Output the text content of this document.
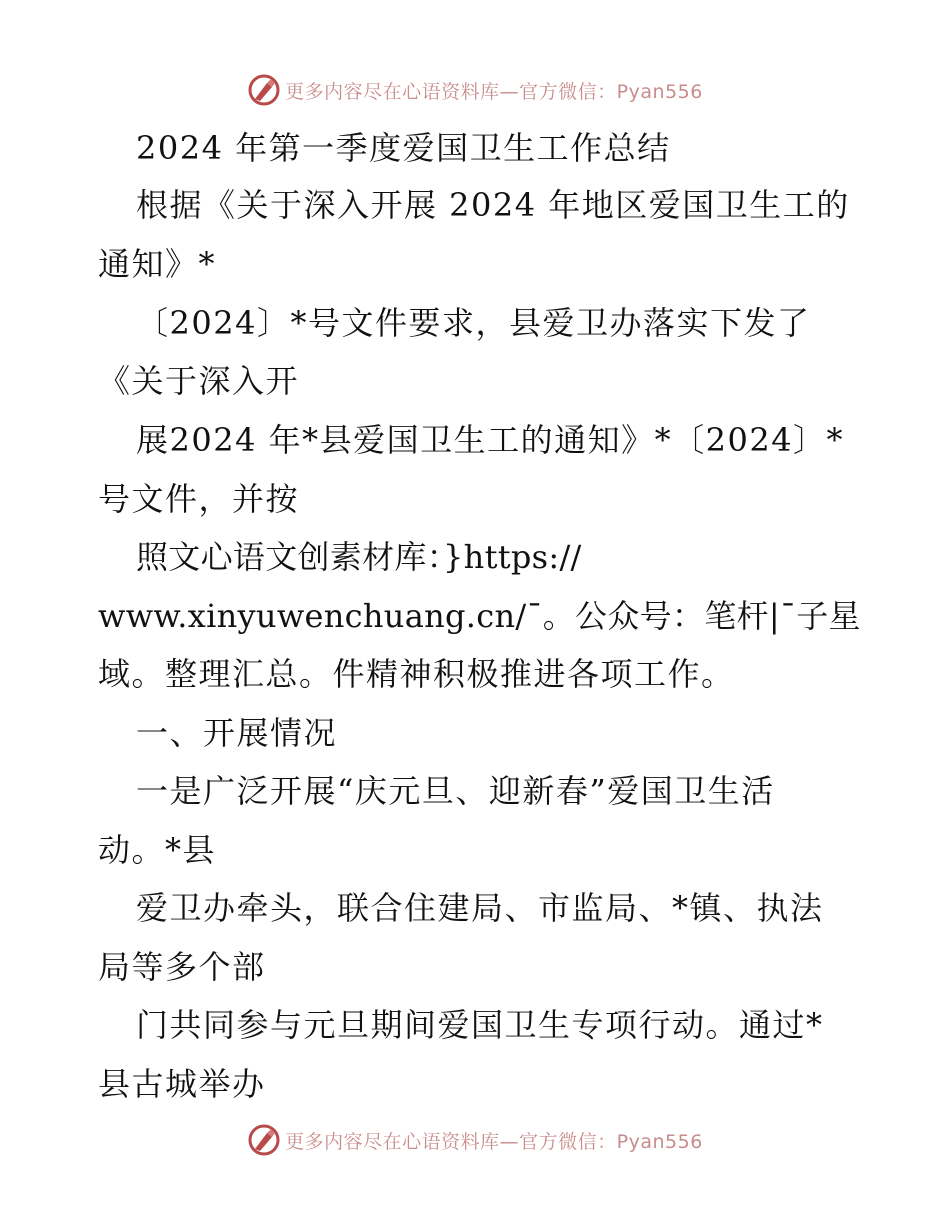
更多内容尽在心语资料库—官方微信：Pyan556
2024 年第一季度爱国卫生工作总结
根据《关于深入开展 2024 年地区爱国卫生工的
通知》*
〔2024〕*号文件要求，县爱卫办落实下发了
《关于深入开
展2024 年*县爱国卫生工的通知》*〔2024〕*
号文件，并按
照文心语文创素材库：}https://
www.xinyuwenchuang.cn/¯。公众号：笔杆|¯子星
域。整理汇总。件精神积极推进各项工作。
一、开展情况
一是广泛开展“庆元旦、迎新春”爱国卫生活
动。*县
爱卫办牵头，联合住建局、市监局、*镇、执法
局等多个部
门共同参与元旦期间爱国卫生专项行动。通过*
县古城举办
更多内容尽在心语资料库—官方微信：Pyan556
